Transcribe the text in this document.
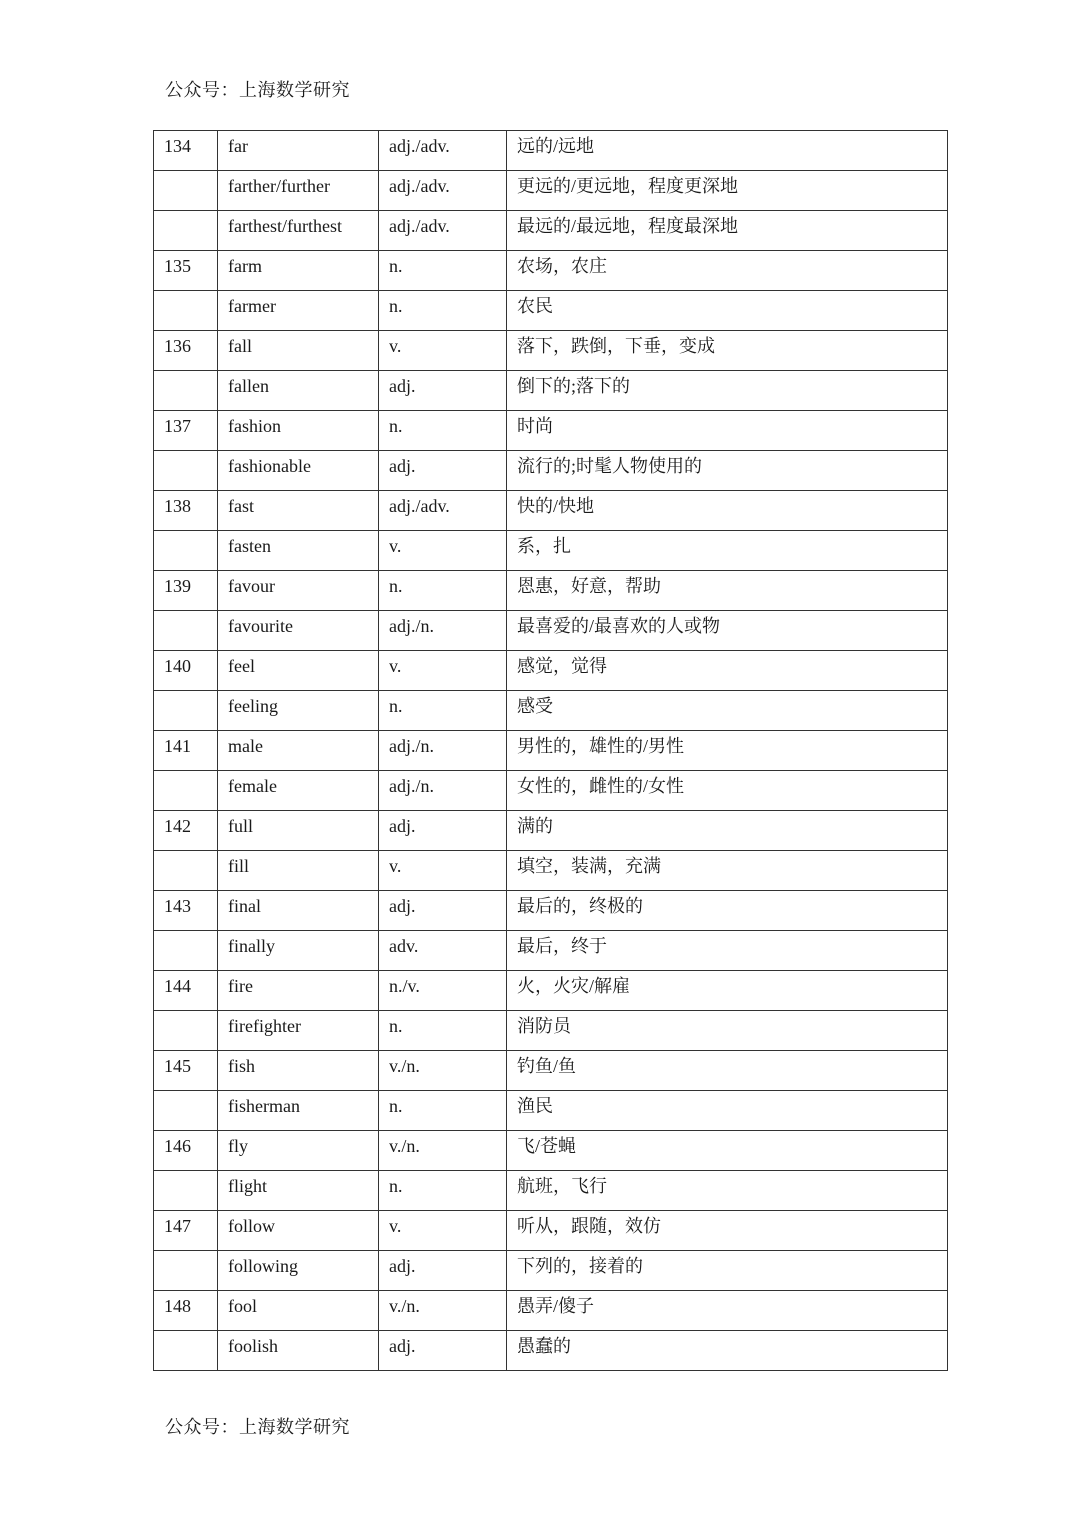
公众号：上海数学研究
134	far	adj./adv.	远的/远地
	farther/further	adj./adv.	更远的/更远地，程度更深地
	farthest/furthest	adj./adv.	最远的/最远地，程度最深地
135	farm	n.	农场，农庄
	farmer	n.	农民
136	fall	v.	落下，跌倒，下垂，变成
	fallen	adj.	倒下的;落下的
137	fashion	n.	时尚
	fashionable	adj.	流行的;时髦人物使用的
138	fast	adj./adv.	快的/快地
	fasten	v.	系，扎
139	favour	n.	恩惠，好意，帮助
	favourite	adj./n.	最喜爱的/最喜欢的人或物
140	feel	v.	感觉，觉得
	feeling	n.	感受
141	male	adj./n.	男性的，雄性的/男性
	female	adj./n.	女性的，雌性的/女性
142	full	adj.	满的
	fill	v.	填空，装满，充满
143	final	adj.	最后的，终极的
	finally	adv.	最后，终于
144	fire	n./v.	火，火灾/解雇
	firefighter	n.	消防员
145	fish	v./n.	钓鱼/鱼
	fisherman	n.	渔民
146	fly	v./n.	飞/苍蝇
	flight	n.	航班，飞行
147	follow	v.	听从，跟随，效仿
	following	adj.	下列的，接着的
148	fool	v./n.	愚弄/傻子
	foolish	adj.	愚蠢的
公众号：上海数学研究
